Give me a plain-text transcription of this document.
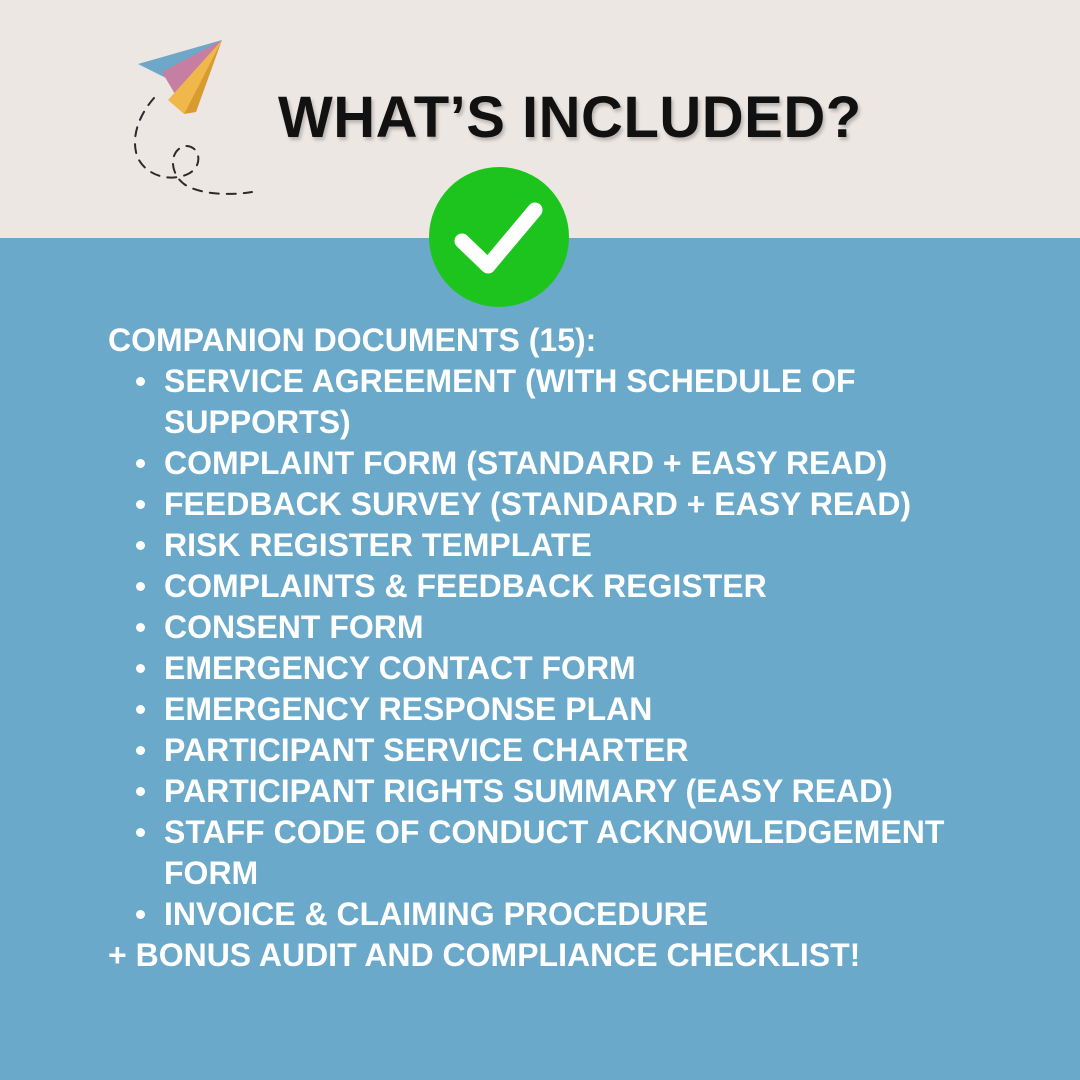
WHAT’S INCLUDED?

COMPANION DOCUMENTS (15):

SERVICE AGREEMENT (WITH SCHEDULE OF SUPPORTS)
COMPLAINT FORM (STANDARD + EASY READ)
FEEDBACK SURVEY (STANDARD + EASY READ)
RISK REGISTER TEMPLATE
COMPLAINTS & FEEDBACK REGISTER
CONSENT FORM
EMERGENCY CONTACT FORM
EMERGENCY RESPONSE PLAN
PARTICIPANT SERVICE CHARTER
PARTICIPANT RIGHTS SUMMARY (EASY READ)
STAFF CODE OF CONDUCT ACKNOWLEDGEMENT FORM
INVOICE & CLAIMING PROCEDURE

+ BONUS AUDIT AND COMPLIANCE CHECKLIST!
